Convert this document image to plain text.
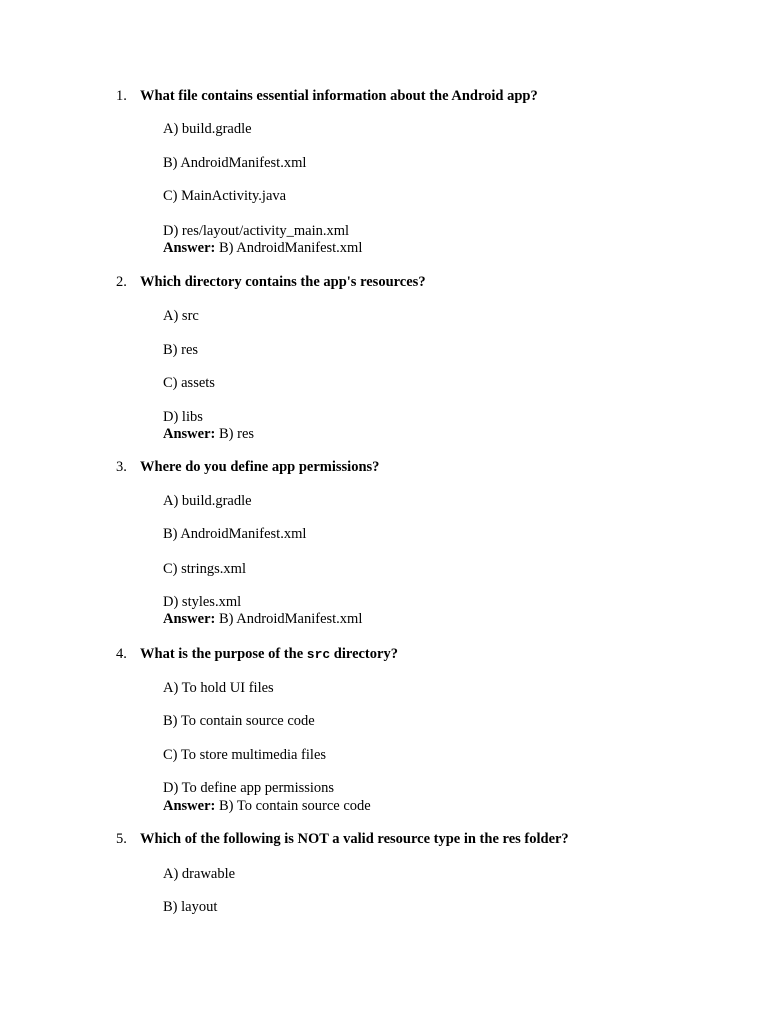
1. What file contains essential information about the Android app?
A) build.gradle
B) AndroidManifest.xml
C) MainActivity.java
D) res/layout/activity_main.xml
Answer: B) AndroidManifest.xml
2. Which directory contains the app's resources?
A) src
B) res
C) assets
D) libs
Answer: B) res
3. Where do you define app permissions?
A) build.gradle
B) AndroidManifest.xml
C) strings.xml
D) styles.xml
Answer: B) AndroidManifest.xml
4. What is the purpose of the src directory?
A) To hold UI files
B) To contain source code
C) To store multimedia files
D) To define app permissions
Answer: B) To contain source code
5. Which of the following is NOT a valid resource type in the res folder?
A) drawable
B) layout
